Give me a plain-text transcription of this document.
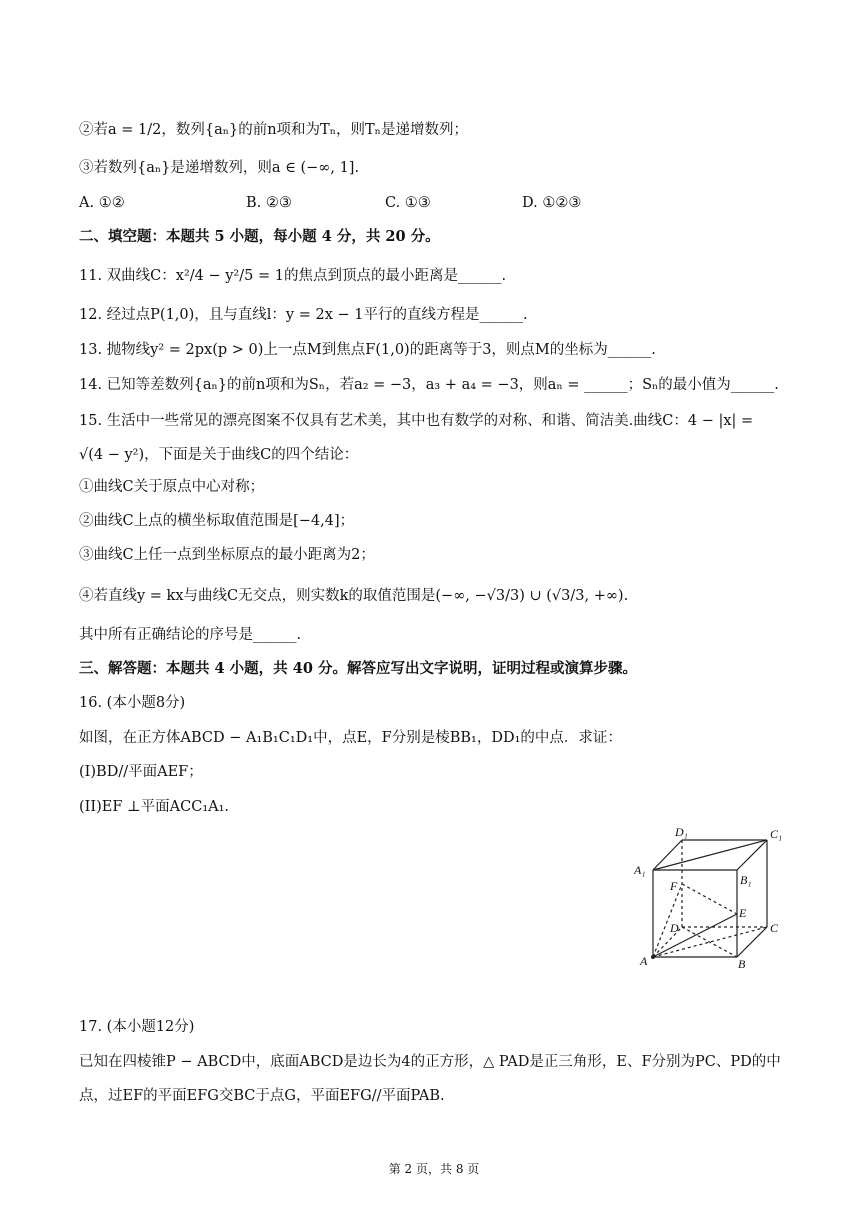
②若a = 1/2，数列{aₙ}的前n项和为Tₙ，则Tₙ是递增数列；
③若数列{aₙ}是递增数列，则a ∈ (−∞, 1].
A. ①②	B. ②③	C. ①③	D. ①②③
二、填空题：本题共 5 小题，每小题 4 分，共 20 分。
11. 双曲线C：x²/4 − y²/5 = 1的焦点到顶点的最小距离是______.
12. 经过点P(1,0)，且与直线l：y = 2x − 1平行的直线方程是______.
13. 抛物线y² = 2px(p > 0)上一点M到焦点F(1,0)的距离等于3，则点M的坐标为______.
14. 已知等差数列{aₙ}的前n项和为Sₙ，若a₂ = −3，a₃ + a₄ = −3，则aₙ = ______；Sₙ的最小值为______.
15. 生活中一些常见的漂亮图案不仅具有艺术美，其中也有数学的对称、和谐、简洁美.曲线C：4 − |x| =
√(4 − y²)，下面是关于曲线C的四个结论：
①曲线C关于原点中心对称；
②曲线C上点的横坐标取值范围是[−4,4]；
③曲线C上任一点到坐标原点的最小距离为2；
④若直线y = kx与曲线C无交点，则实数k的取值范围是(−∞, −√3/3) ∪ (√3/3, +∞).
其中所有正确结论的序号是______.
三、解答题：本题共 4 小题，共 40 分。解答应写出文字说明，证明过程或演算步骤。
16. (本小题8分)
如图，在正方体ABCD − A₁B₁C₁D₁中，点E，F分别是棱BB₁，DD₁的中点．求证：
(I)BD//平面AEF；
(II)EF ⊥平面ACC₁A₁.
D₁	C₁
A₁
B₁
F
E
D	C
A	B
17. (本小题12分)
已知在四棱锥P − ABCD中，底面ABCD是边长为4的正方形，△ PAD是正三角形，E、F分别为PC、PD的中
点，过EF的平面EFG交BC于点G，平面EFG//平面PAB.
第 2 页，共 8 页
